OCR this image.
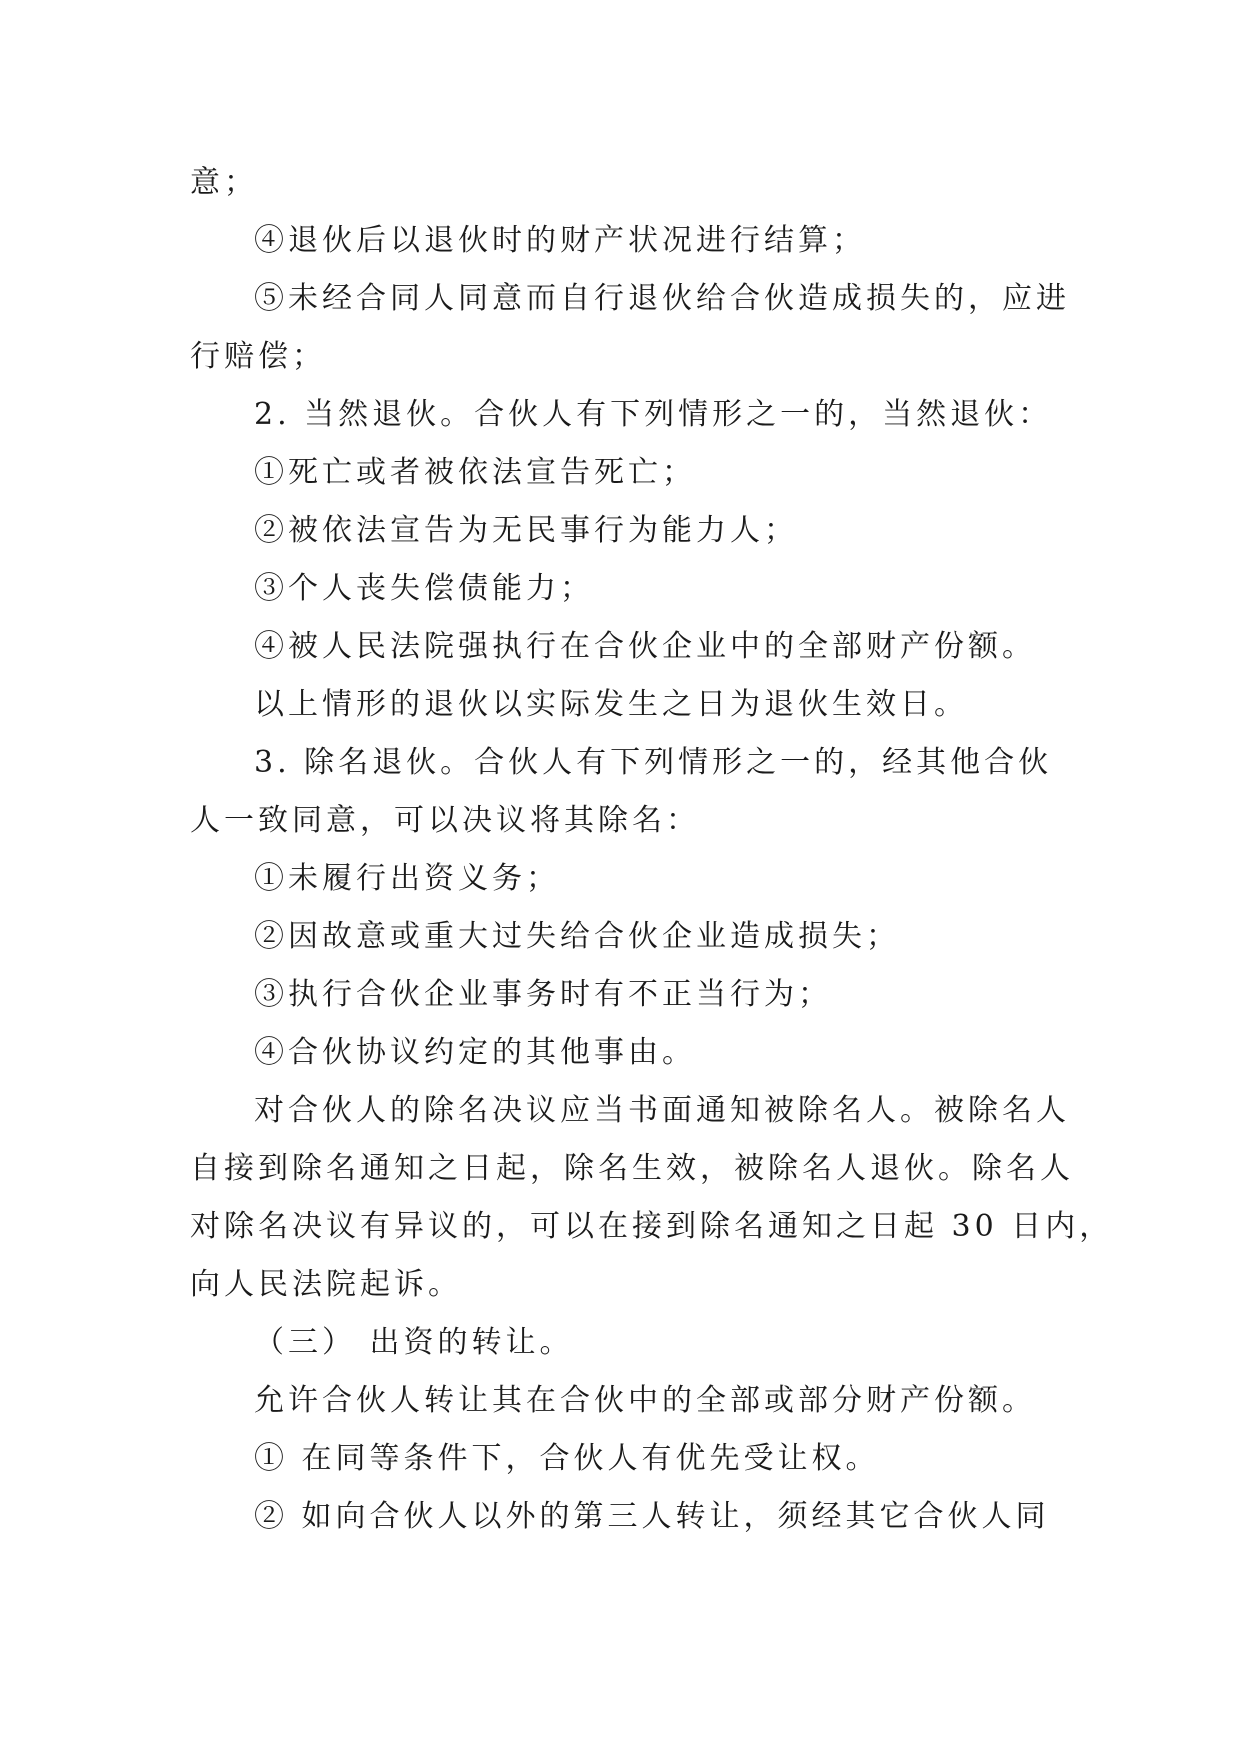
意；
④退伙后以退伙时的财产状况进行结算；
⑤未经合同人同意而自行退伙给合伙造成损失的，应进
行赔偿；
2. 当然退伙。合伙人有下列情形之一的，当然退伙：
①死亡或者被依法宣告死亡；
②被依法宣告为无民事行为能力人；
③个人丧失偿债能力；
④被人民法院强执行在合伙企业中的全部财产份额。
以上情形的退伙以实际发生之日为退伙生效日。
3. 除名退伙。合伙人有下列情形之一的，经其他合伙
人一致同意，可以决议将其除名：
①未履行出资义务；
②因故意或重大过失给合伙企业造成损失；
③执行合伙企业事务时有不正当行为；
④合伙协议约定的其他事由。
对合伙人的除名决议应当书面通知被除名人。被除名人
自接到除名通知之日起，除名生效，被除名人退伙。除名人
对除名决议有异议的，可以在接到除名通知之日起 30 日内，
向人民法院起诉。
（三） 出资的转让。
允许合伙人转让其在合伙中的全部或部分财产份额。
① 在同等条件下，合伙人有优先受让权。
② 如向合伙人以外的第三人转让，须经其它合伙人同
